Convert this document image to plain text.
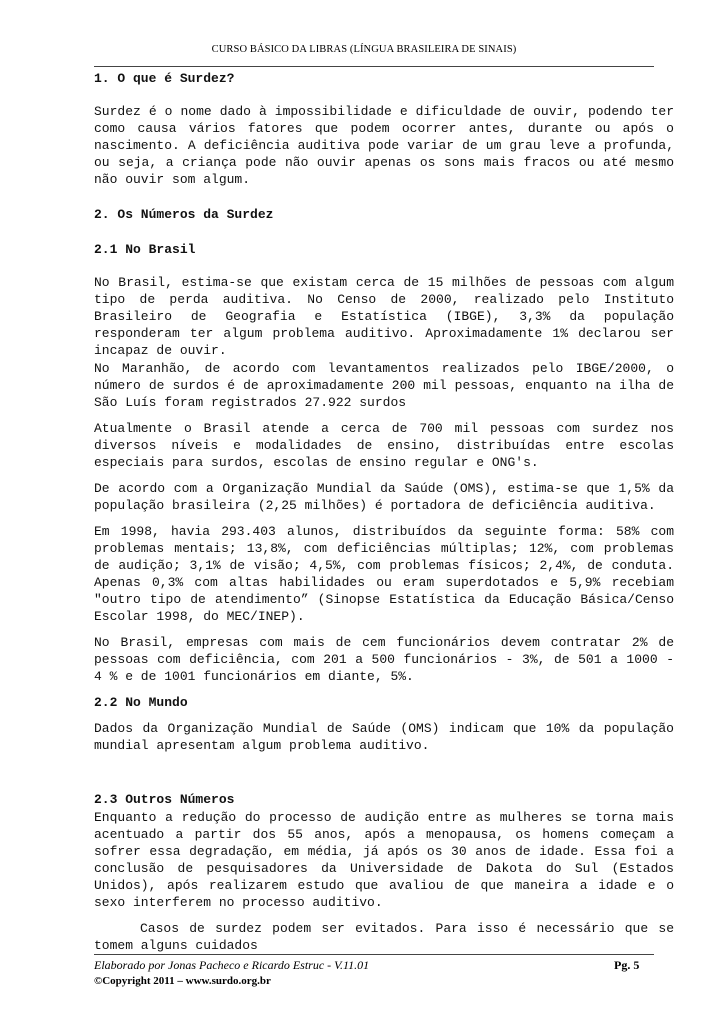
CURSO BÁSICO DA LIBRAS (LÍNGUA BRASILEIRA DE SINAIS)
1. O que é Surdez?

Surdez é o nome dado à impossibilidade e dificuldade de ouvir, podendo ter como causa vários fatores que podem ocorrer antes, durante ou após o nascimento. A deficiência auditiva pode variar de um grau leve a profunda, ou seja, a criança pode não ouvir apenas os sons mais fracos ou até mesmo não ouvir som algum.

2. Os Números da Surdez
2.1 No Brasil

No Brasil, estima-se que existam cerca de 15 milhões de pessoas com algum tipo de perda auditiva. No Censo de 2000, realizado pelo Instituto Brasileiro de Geografia e Estatística (IBGE), 3,3% da população responderam ter algum problema auditivo. Aproximadamente 1% declarou ser incapaz de ouvir.

No Maranhão, de acordo com levantamentos realizados pelo IBGE/2000, o número de surdos é de aproximadamente 200 mil pessoas, enquanto na ilha de São Luís foram registrados 27.922 surdos

Atualmente o Brasil atende a cerca de 700 mil pessoas com surdez nos diversos níveis e modalidades de ensino, distribuídas entre escolas especiais para surdos, escolas de ensino regular e ONG's.

De acordo com a Organização Mundial da Saúde (OMS), estima-se que 1,5% da população brasileira (2,25 milhões) é portadora de deficiência auditiva.

Em 1998, havia 293.403 alunos, distribuídos da seguinte forma: 58% com problemas mentais; 13,8%, com deficiências múltiplas; 12%, com problemas de audição; 3,1% de visão; 4,5%, com problemas físicos; 2,4%, de conduta. Apenas 0,3% com altas habilidades ou eram superdotados e 5,9% recebiam "outro tipo de atendimento” (Sinopse Estatística da Educação Básica/Censo Escolar 1998, do MEC/INEP).

No Brasil, empresas com mais de cem funcionários devem contratar 2% de pessoas com deficiência, com 201 a 500 funcionários - 3%, de 501 a 1000 - 4 % e de 1001 funcionários em diante, 5%.

2.2 No Mundo

Dados da Organização Mundial de Saúde (OMS) indicam que 10% da população mundial apresentam algum problema auditivo.

2.3 Outros Números

Enquanto a redução do processo de audição entre as mulheres se torna mais acentuado a partir dos 55 anos, após a menopausa, os homens começam a sofrer essa degradação, em média, já após os 30 anos de idade. Essa foi a conclusão de pesquisadores da Universidade de Dakota do Sul (Estados Unidos), após realizarem estudo que avaliou de que maneira a idade e o sexo interferem no processo auditivo.

Casos de surdez podem ser evitados. Para isso é necessário que se tomem alguns cuidados

Elaborado por Jonas Pacheco e Ricardo Estruc - V.11.01	Pg. 5
©Copyright 2011 – www.surdo.org.br
